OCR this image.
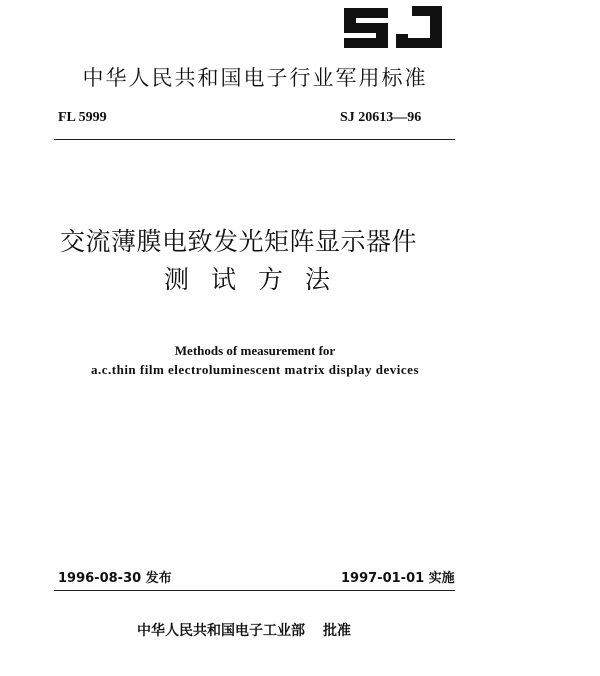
中华人民共和国电子行业军用标准
FL 5999	SJ 20613—96
交流薄膜电致发光矩阵显示器件
测试方法
Methods of measurement for
a.c.thin film electroluminescent matrix display devices
1996-08-30 发布	1997-01-01 实施
中华人民共和国电子工业部 批准
